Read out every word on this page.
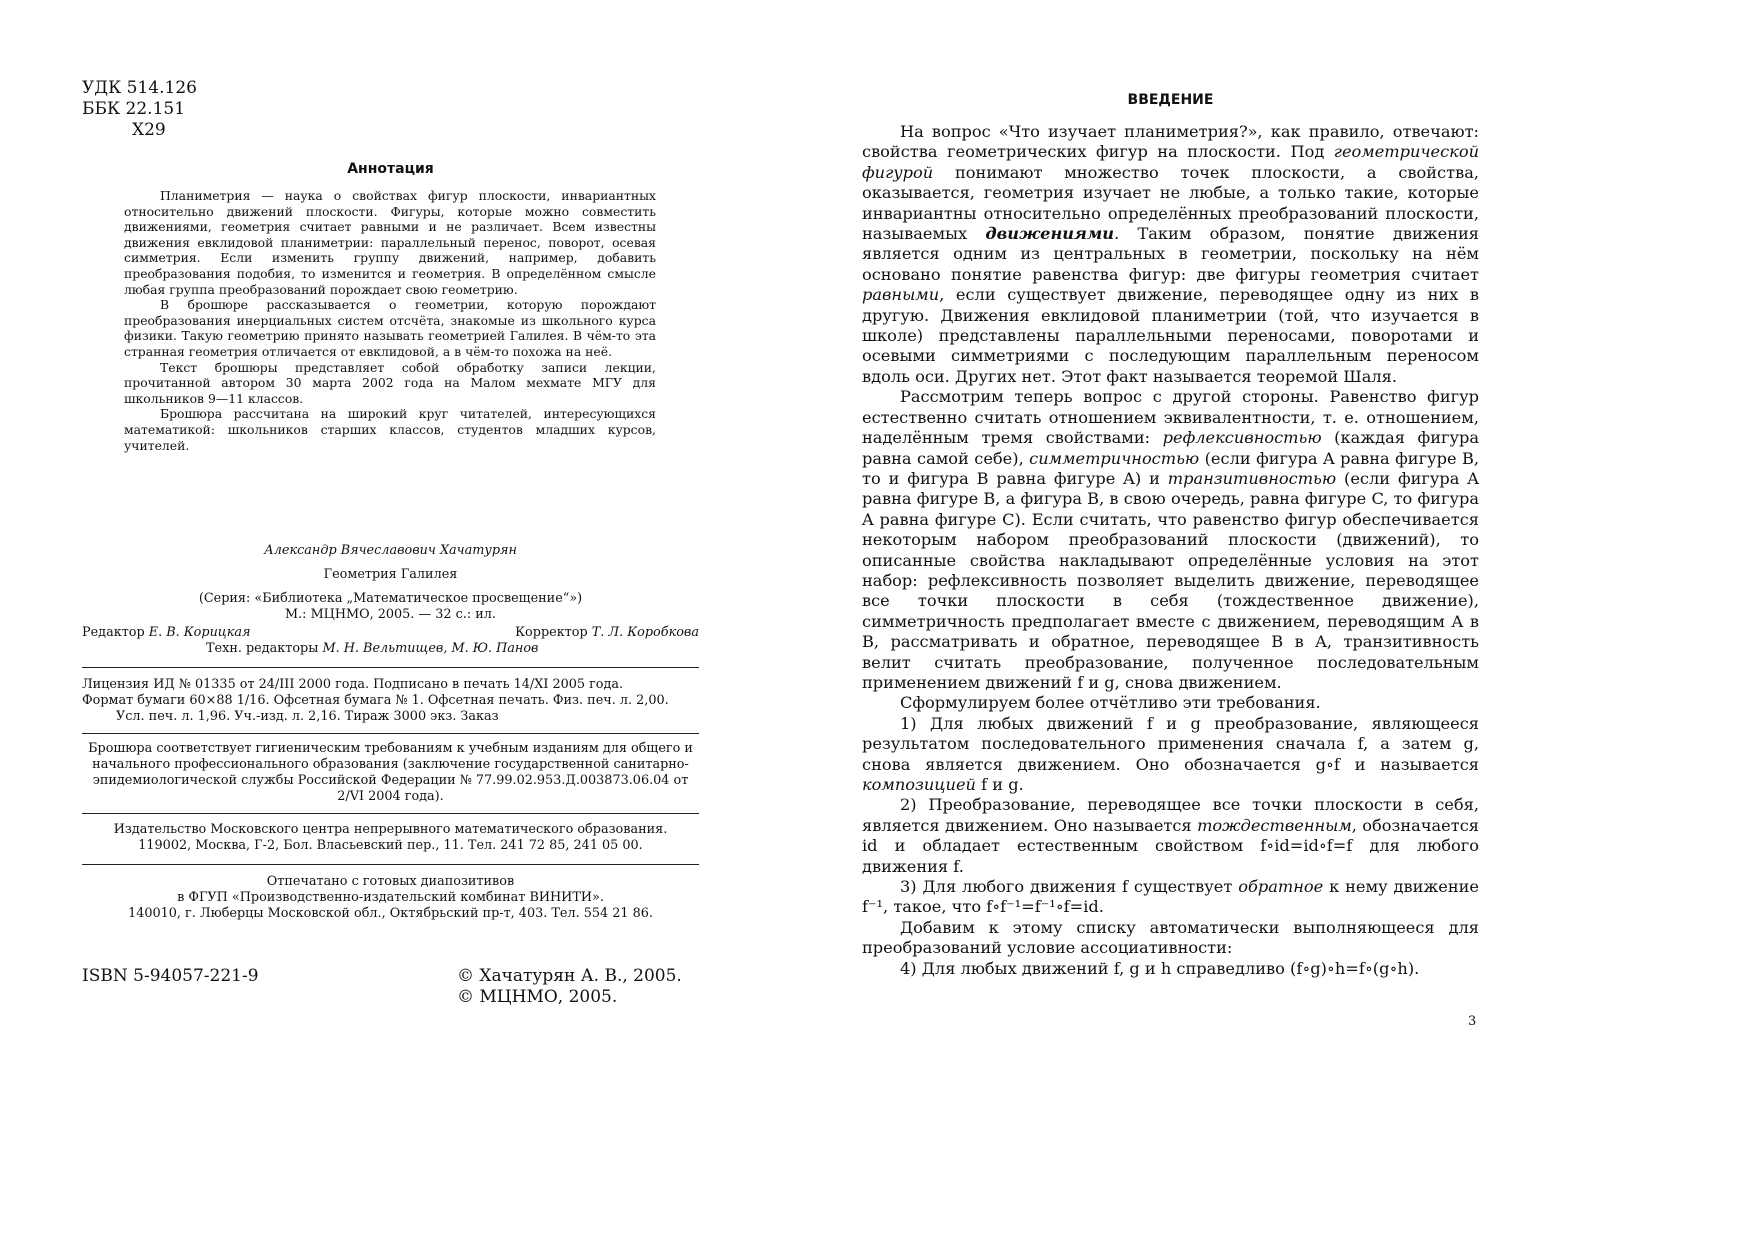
УДК 514.126
ББК 22.151
Х29
Аннотация

Планиметрия — наука о свойствах фигур плоскости, инвариантных относительно движений плоскости. Фигуры, которые можно совместить движениями, геометрия считает равными и не различает. Всем известны движения евклидовой планиметрии: параллельный перенос, поворот, осевая симметрия. Если изменить группу движений, например, добавить преобразования подобия, то изменится и геометрия. В определённом смысле любая группа преобразований порождает свою геометрию.

В брошюре рассказывается о геометрии, которую порождают преобразования инерциальных систем отсчёта, знакомые из школьного курса физики. Такую геометрию принято называть геометрией Галилея. В чём-то эта странная геометрия отличается от евклидовой, а в чём-то похожа на неё.

Текст брошюры представляет собой обработку записи лекции, прочитанной автором 30 марта 2002 года на Малом мехмате МГУ для школьников 9—11 классов.

Брошюра рассчитана на широкий круг читателей, интересующихся математикой: школьников старших классов, студентов младших курсов, учителей.

Александр Вячеславович Хачатурян
Геометрия Галилея
(Серия: «Библиотека „Математическое просвещение“»)
М.: МЦНМО, 2005. — 32 с.: ил.
Редактор Е. В. Корицкая	Корректор Т. Л. Коробкова
Техн. редакторы М. Н. Вельтищев, М. Ю. Панов
Лицензия ИД № 01335 от 24/III 2000 года. Подписано в печать 14/XI 2005 года.
Формат бумаги 60×88 1/16. Офсетная бумага № 1. Офсетная печать. Физ. печ. л. 2,00.
Усл. печ. л. 1,96. Уч.-изд. л. 2,16. Тираж 3000 экз. Заказ
Брошюра соответствует гигиеническим требованиям к учебным изданиям для общего и начального профессионального образования (заключение государственной санитарно-эпидемиологической службы Российской Федерации № 77.99.02.953.Д.003873.06.04 от 2/VI 2004 года).
Издательство Московского центра непрерывного математического образования.
119002, Москва, Г-2, Бол. Власьевский пер., 11. Тел. 241 72 85, 241 05 00.
Отпечатано с готовых диапозитивов
в ФГУП «Производственно-издательский комбинат ВИНИТИ».
140010, г. Люберцы Московской обл., Октябрьский пр-т, 403. Тел. 554 21 86.
ISBN 5-94057-221-9	© Хачатурян А. В., 2005.
© МЦНМО, 2005.
ВВЕДЕНИЕ

На вопрос «Что изучает планиметрия?», как правило, отвечают: свойства геометрических фигур на плоскости. Под геометрической фигурой понимают множество точек плоскости, а свойства, оказывается, геометрия изучает не любые, а только такие, которые инвариантны относительно определённых преобразований плоскости, называемых движениями. Таким образом, понятие движения является одним из центральных в геометрии, поскольку на нём основано понятие равенства фигур: две фигуры геометрия считает равными, если существует движение, переводящее одну из них в другую. Движения евклидовой планиметрии (той, что изучается в школе) представлены параллельными переносами, поворотами и осевыми симметриями с последующим параллельным переносом вдоль оси. Других нет. Этот факт называется теоремой Шаля.

Рассмотрим теперь вопрос с другой стороны. Равенство фигур естественно считать отношением эквивалентности, т. е. отношением, наделённым тремя свойствами: рефлексивностью (каждая фигура равна самой себе), симметричностью (если фигура A равна фигуре B, то и фигура B равна фигуре A) и транзитивностью (если фигура A равна фигуре B, а фигура B, в свою очередь, равна фигуре C, то фигура A равна фигуре C). Если считать, что равенство фигур обеспечивается некоторым набором преобразований плоскости (движений), то описанные свойства накладывают определённые условия на этот набор: рефлексивность позволяет выделить движение, переводящее все точки плоскости в себя (тождественное движение), симметричность предполагает вместе с движением, переводящим A в B, рассматривать и обратное, переводящее B в A, транзитивность велит считать преобразование, полученное последовательным применением движений f и g, снова движением.

Сформулируем более отчётливо эти требования.

1) Для любых движений f и g преобразование, являющееся результатом последовательного применения сначала f, а затем g, снова является движением. Оно обозначается g∘f и называется композицией f и g.

2) Преобразование, переводящее все точки плоскости в себя, является движением. Оно называется тождественным, обозначается id и обладает естественным свойством f∘id=id∘f=f для любого движения f.

3) Для любого движения f существует обратное к нему движение f⁻¹, такое, что f∘f⁻¹=f⁻¹∘f=id.

Добавим к этому списку автоматически выполняющееся для преобразований условие ассоциативности:

4) Для любых движений f, g и h справедливо (f∘g)∘h=f∘(g∘h).

3
